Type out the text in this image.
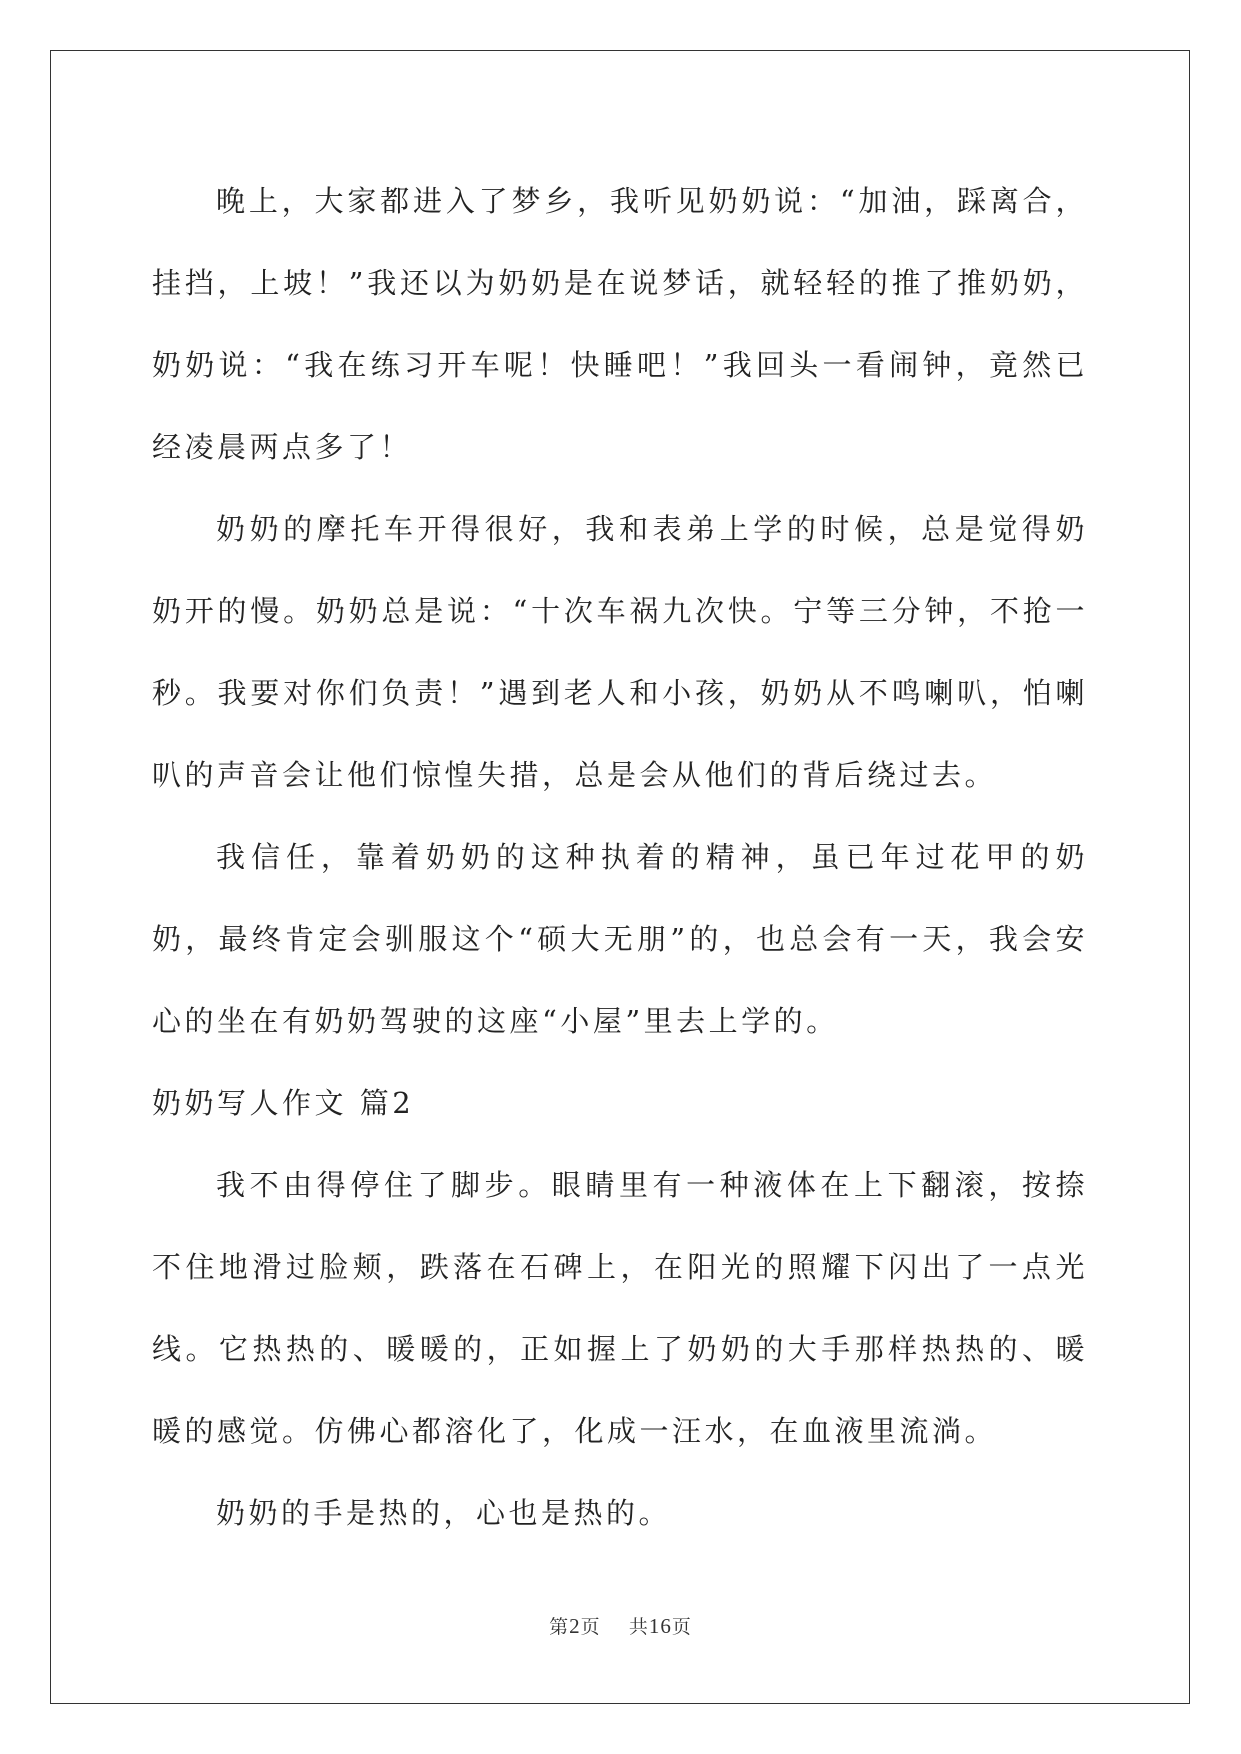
晚上，大家都进入了梦乡，我听见奶奶说：“加油，踩离合，挂挡，上坡！”我还以为奶奶是在说梦话，就轻轻的推了推奶奶，奶奶说：“我在练习开车呢！快睡吧！”我回头一看闹钟，竟然已经凌晨两点多了！

奶奶的摩托车开得很好，我和表弟上学的时候，总是觉得奶奶开的慢。奶奶总是说：“十次车祸九次快。宁等三分钟，不抢一秒。我要对你们负责！”遇到老人和小孩，奶奶从不鸣喇叭，怕喇叭的声音会让他们惊惶失措，总是会从他们的背后绕过去。

我信任，靠着奶奶的这种执着的精神，虽已年过花甲的奶奶，最终肯定会驯服这个“硕大无朋”的，也总会有一天，我会安心的坐在有奶奶驾驶的这座“小屋”里去上学的。

奶奶写人作文 篇2

我不由得停住了脚步。眼睛里有一种液体在上下翻滚，按捺不住地滑过脸颊，跌落在石碑上，在阳光的照耀下闪出了一点光线。它热热的、暖暖的，正如握上了奶奶的大手那样热热的、暖暖的感觉。仿佛心都溶化了，化成一汪水，在血液里流淌。

奶奶的手是热的，心也是热的。

第2页 共16页
